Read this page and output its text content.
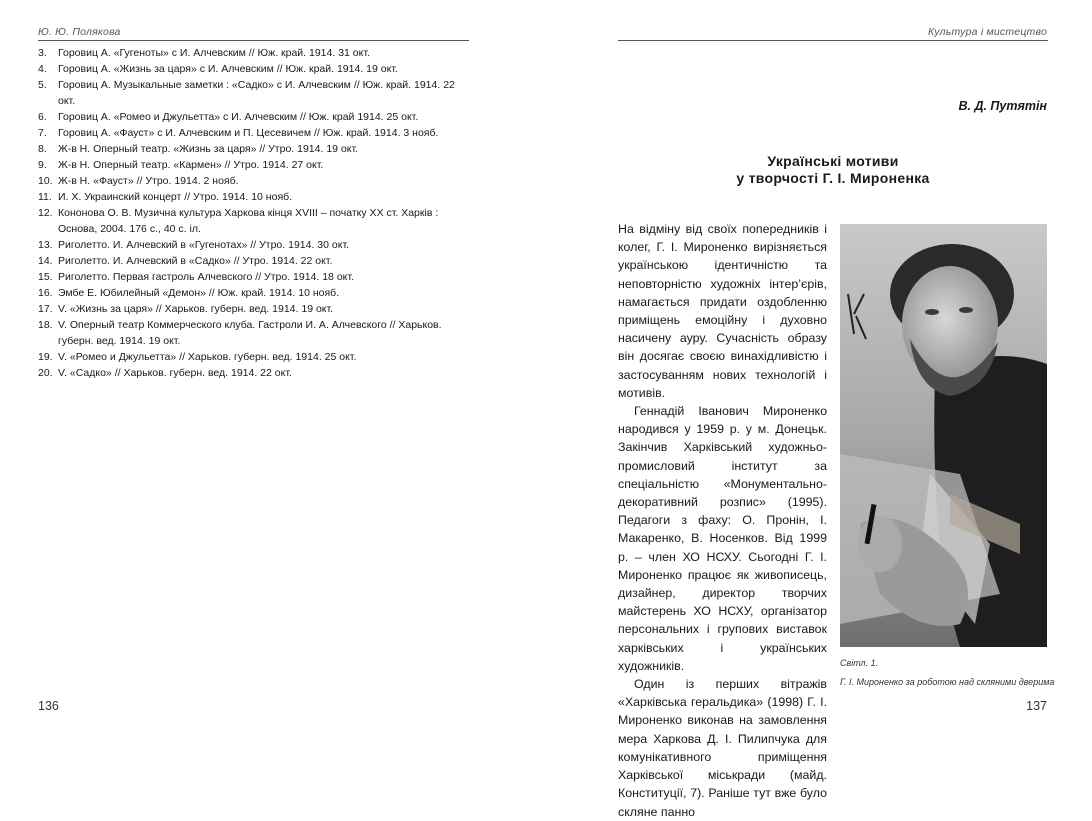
Ю. Ю. Полякова
3. Горовиц А. «Гугеноты» с И. Алчевским // Юж. край. 1914. 31 окт.
4. Горовиц А. «Жизнь за царя» с И. Алчевским // Юж. край. 1914. 19 окт.
5. Горовиц А. Музыкальные заметки : «Садко» с И. Алчевским // Юж. край. 1914. 22 окт.
6. Горовиц А. «Ромео и Джульетта» с И. Алчевским // Юж. край 1914. 25 окт.
7. Горовиц А. «Фауст» с И. Алчевским и П. Цесевичем // Юж. край. 1914. 3 нояб.
8. Ж-в Н. Оперный театр. «Жизнь за царя» // Утро. 1914. 19 окт.
9. Ж-в Н. Оперный театр. «Кармен» // Утро. 1914. 27 окт.
10. Ж-в Н. «Фауст» // Утро. 1914. 2 нояб.
11. И. Х. Украинский концерт // Утро. 1914. 10 нояб.
12. Кононова О. В. Музична культура Харкова кінця XVIII – початку XX ст. Харків : Основа, 2004. 176 с., 40 с. іл.
13. Риголетто. И. Алчевский в «Гугенотах» // Утро. 1914. 30 окт.
14. Риголетто. И. Алчевский в «Садко» // Утро. 1914. 22 окт.
15. Риголетто. Первая гастроль Алчевского // Утро. 1914. 18 окт.
16. Эмбе Е. Юбилейный «Демон» // Юж. край. 1914. 10 нояб.
17. V. «Жизнь за царя» // Харьков. губерн. вед. 1914. 19 окт.
18. V. Оперный театр Коммерческого клуба. Гастроли И. А. Алчевского // Харьков. губерн. вед. 1914. 19 окт.
19. V. «Ромео и Джульетта» // Харьков. губерн. вед. 1914. 25 окт.
20. V. «Садко» // Харьков. губерн. вед. 1914. 22 окт.
136
Культура і мистецтво
В. Д. Путятін
Українські мотиви
у творчості Г. І. Мироненка

На відміну від своїх попередників і колег, Г. І. Мироненко вирізняється українською ідентичністю та неповторністю художніх інтер’єрів, намагається придати оздобленню приміщень емоційну і духовно насичену ауру. Сучасність образу він досягає своєю винахідливістю і застосуванням нових технологій і мотивів.

Геннадій Іванович Мироненко народився у 1959 р. у м. Донецьк. Закінчив Харківський художньо-промисловий інститут за спеціальністю «Монументально-декоративний розпис» (1995). Педагоги з фаху: О. Пронін, І. Макаренко, В. Носенков. Від 1999 р. – член ХО НСХУ. Сьогодні Г. І. Мироненко працює як живописець, дизайнер, директор творчих майстерень ХО НСХУ, організатор персональних і групових виставок харківських і українських художників.

Один із перших вітражів «Харківська геральдика» (1998) Г. І. Мироненко виконав на замовлення мера Харкова Д. І. Пилипчука для комунікативного приміщення Харківської міськради (майд. Конституції, 7). Раніше тут вже було скляне панно

Світл. 1.
Г. І. Мироненко за роботою над скляними дверима
137
